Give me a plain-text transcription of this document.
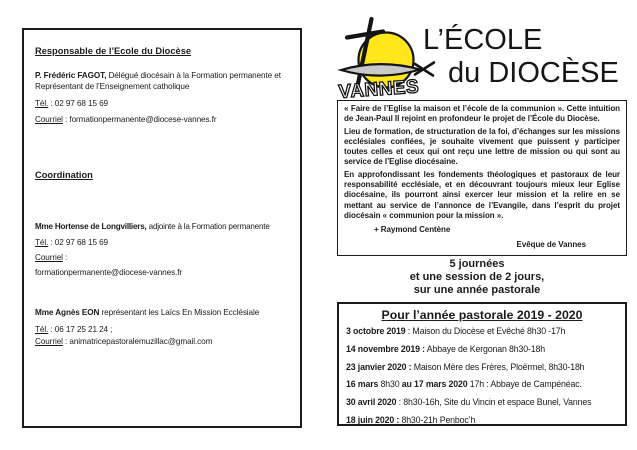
Responsable de l’Ecole du Diocèse

P. Frédéric FAGOT, Délégué diocésain à la Formation permanente et
Représentant de l’Enseignement catholique

Tél. : 02 97 68 15 69

Courriel : formationpermanente@diocese-vannes.fr

Coordination

Mme Hortense de Longvilliers, adjointe à la Formation permanente

Tél. : 02 97 68 15 69

Courriel :

formationpermanente@diocese-vannes.fr

Mme Agnès EON représentant les Laïcs En Mission Ecclésiale

Tél. : 06 17 25 21 24 ;

Courriel : animatricepastoralemuzillac@gmail.com

VANNES
L’ÉCOLE
du DIOCÈSE

« Faire de l’Eglise la maison et l’école de la communion ». Cette intuition de Jean-Paul II rejoint en profondeur le projet de l’École du Diocèse.

Lieu de formation, de structuration de la foi, d’échanges sur les missions ecclésiales confiées, je souhaite vivement que puissent y participer toutes celles et ceux qui ont reçu une lettre de mission ou qui sont au service de l’Eglise diocésaine.

En approfondissant les fondements théologiques et pastoraux de leur responsabilité ecclésiale, et en découvrant toujours mieux leur Eglise diocésaine, ils pourront ainsi exercer leur mission et la relire en se mettant au service de l’annonce de l’Evangile, dans l’esprit du projet diocésain « communion pour la mission ».

+ Raymond Centène

Evêque de Vannes

5 journées
et une session de 2 jours,
sur une année pastorale
Pour l’année pastorale 2019 - 2020

3 octobre 2019 : Maison du Diocèse et Evêché 8h30 -17h

14 novembre 2019 : Abbaye de Kergonan 8h30-18h

23 janvier 2020 : Maison Mère des Frères, Ploërmel, 8h30-18h

16 mars 8h30 au 17 mars 2020 17h : Abbaye de Campénéac.

30 avril 2020 : 8h30-16h, Site du Vincin et espace Bunel, Vannes

18 juin 2020 : 8h30-21h Penboc’h
